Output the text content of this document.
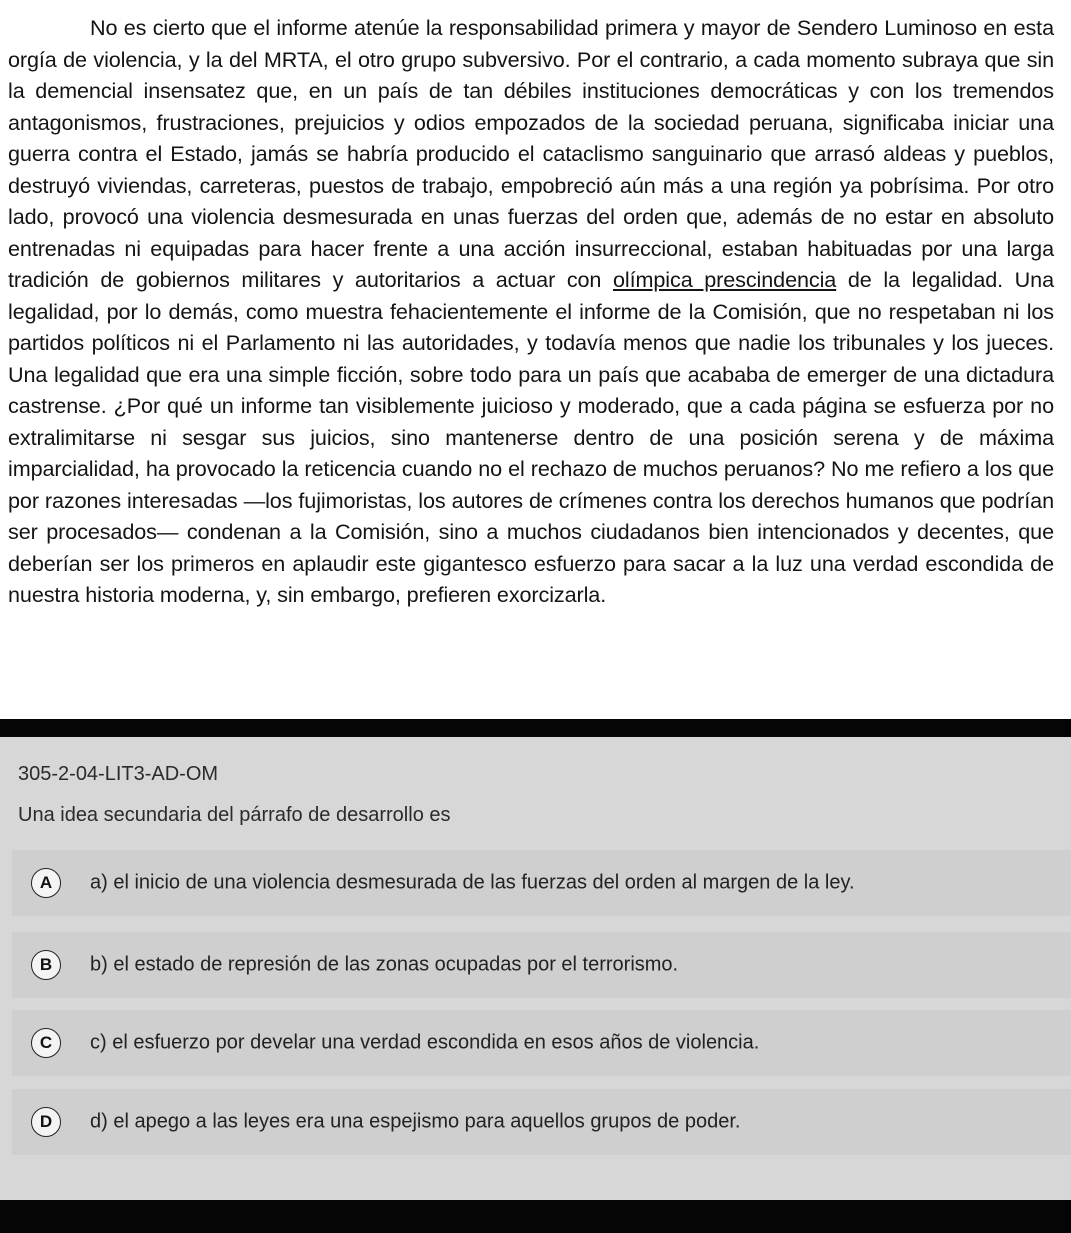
No es cierto que el informe atenúe la responsabilidad primera y mayor de Sendero Luminoso en esta orgía de violencia, y la del MRTA, el otro grupo subversivo. Por el contrario, a cada momento subraya que sin la demencial insensatez que, en un país de tan débiles instituciones democráticas y con los tremendos antagonismos, frustraciones, prejuicios y odios empozados de la sociedad peruana, significaba iniciar una guerra contra el Estado, jamás se habría producido el cataclismo sanguinario que arrasó aldeas y pueblos, destruyó viviendas, carreteras, puestos de trabajo, empobreció aún más a una región ya pobrísima. Por otro lado, provocó una violencia desmesurada en unas fuerzas del orden que, además de no estar en absoluto entrenadas ni equipadas para hacer frente a una acción insurreccional, estaban habituadas por una larga tradición de gobiernos militares y autoritarios a actuar con olímpica prescindencia de la legalidad. Una legalidad, por lo demás, como muestra fehacientemente el informe de la Comisión, que no respetaban ni los partidos políticos ni el Parlamento ni las autoridades, y todavía menos que nadie los tribunales y los jueces. Una legalidad que era una simple ficción, sobre todo para un país que acababa de emerger de una dictadura castrense. ¿Por qué un informe tan visiblemente juicioso y moderado, que a cada página se esfuerza por no extralimitarse ni sesgar sus juicios, sino mantenerse dentro de una posición serena y de máxima imparcialidad, ha provocado la reticencia cuando no el rechazo de muchos peruanos? No me refiero a los que por razones interesadas —los fujimoristas, los autores de crímenes contra los derechos humanos que podrían ser procesados— condenan a la Comisión, sino a muchos ciudadanos bien intencionados y decentes, que deberían ser los primeros en aplaudir este gigantesco esfuerzo para sacar a la luz una verdad escondida de nuestra historia moderna, y, sin embargo, prefieren exorcizarla.

305-2-04-LIT3-AD-OM
Una idea secundaria del párrafo de desarrollo es
A	a) el inicio de una violencia desmesurada de las fuerzas del orden al margen de la ley.
B	b) el estado de represión de las zonas ocupadas por el terrorismo.
C	c) el esfuerzo por develar una verdad escondida en esos años de violencia.
D	d) el apego a las leyes era una espejismo para aquellos grupos de poder.
